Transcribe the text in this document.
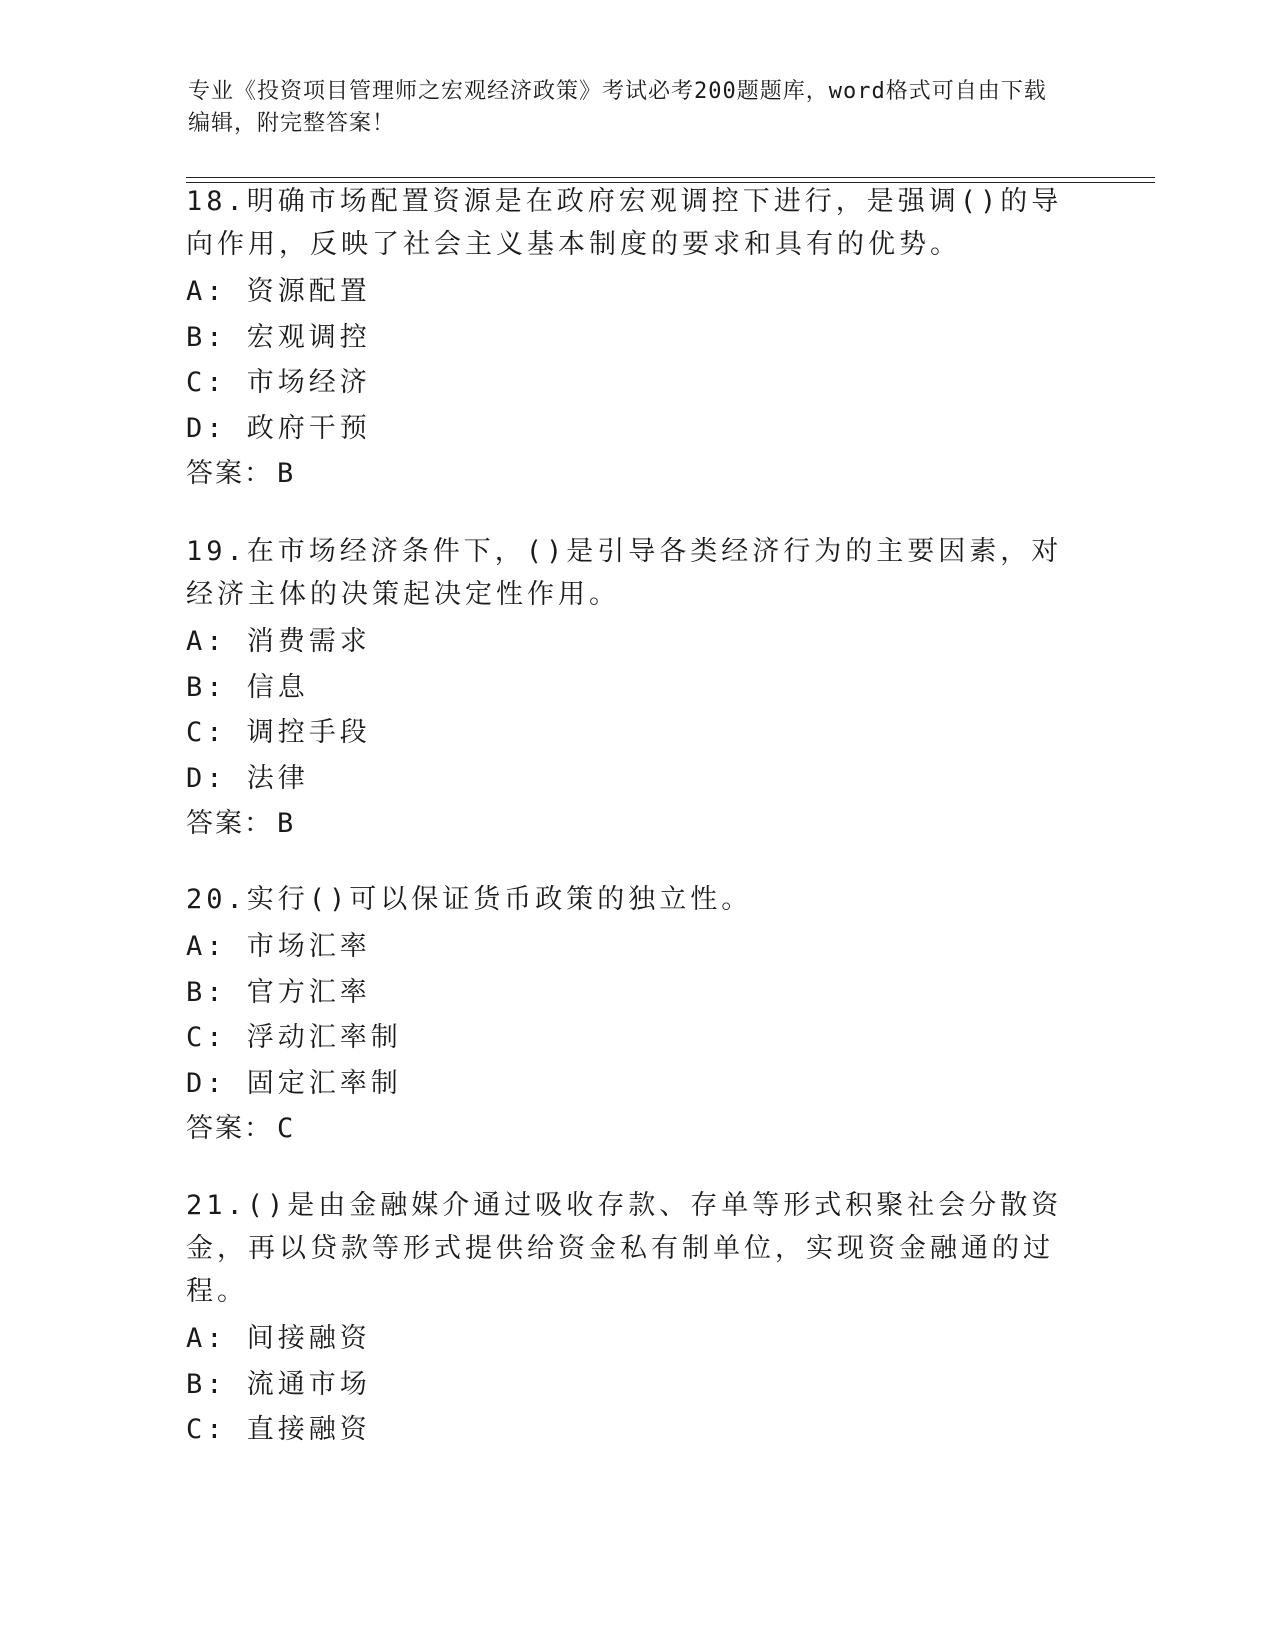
专业《投资项目管理师之宏观经济政策》考试必考200题题库，word格式可自由下载编辑，附完整答案！
18.明确市场配置资源是在政府宏观调控下进行，是强调()的导向作用，反映了社会主义基本制度的要求和具有的优势。
A: 资源配置
B: 宏观调控
C: 市场经济
D: 政府干预
答案： B
19.在市场经济条件下，()是引导各类经济行为的主要因素，对经济主体的决策起决定性作用。
A: 消费需求
B: 信息
C: 调控手段
D: 法律
答案： B
20.实行()可以保证货币政策的独立性。
A: 市场汇率
B: 官方汇率
C: 浮动汇率制
D: 固定汇率制
答案： C
21.()是由金融媒介通过吸收存款、存单等形式积聚社会分散资金，再以贷款等形式提供给资金私有制单位，实现资金融通的过程。
A: 间接融资
B: 流通市场
C: 直接融资
